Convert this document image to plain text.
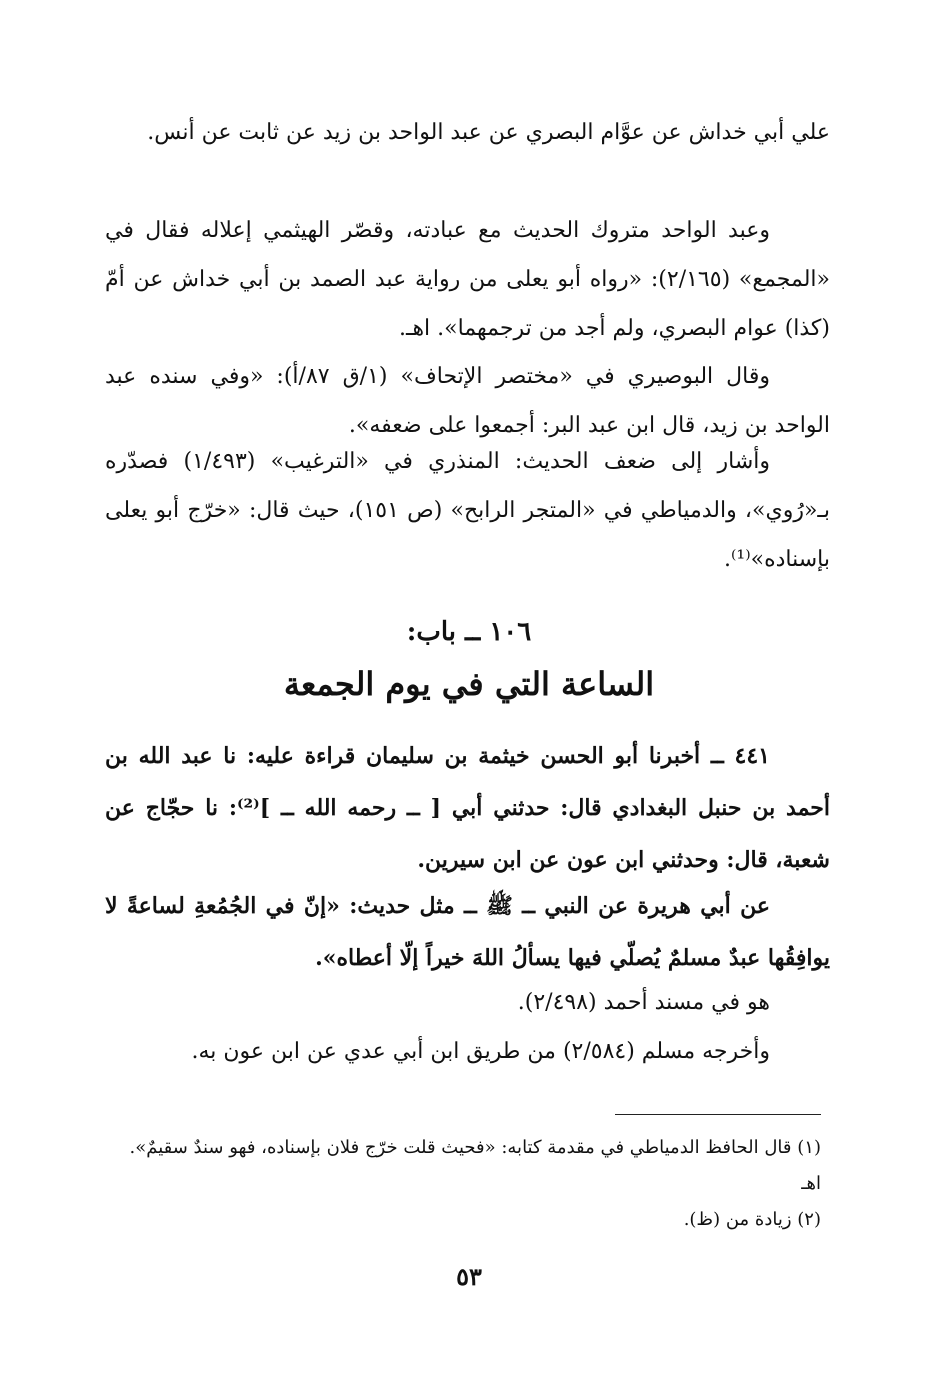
علي أبي خداش عن عوَّام البصري عن عبد الواحد بن زيد عن ثابت عن أنس.

وعبد الواحد متروك الحديث مع عبادته، وقصّر الهيثمي إعلاله فقال في «المجمع» (٢/١٦٥): «رواه أبو يعلى من رواية عبد الصمد بن أبي خداش عن أمّ (كذا) عوام البصري، ولم أجد من ترجمهما». اهـ.

وقال البوصيري في «مختصر الإتحاف» (١/ق ٨٧/أ): «وفي سنده عبد الواحد بن زيد، قال ابن عبد البر: أجمعوا على ضعفه».

وأشار إلى ضعف الحديث: المنذري في «الترغيب» (١/٤٩٣) فصدّره بـ«رُوي»، والدمياطي في «المتجر الرابح» (ص ١٥١)، حيث قال: «خرّج أبو يعلى بإسناده»⁽¹⁾.

١٠٦ ــ باب:
الساعة التي في يوم الجمعة

٤٤١ ــ أخبرنا أبو الحسن خيثمة بن سليمان قراءة عليه: نا عبد الله بن أحمد بن حنبل البغدادي قال: حدثني أبي [ ــ رحمه الله ــ ]⁽²⁾: نا حجّاج عن شعبة، قال: وحدثني ابن عون عن ابن سيرين.

عن أبي هريرة عن النبي ــ ﷺ ــ مثل حديث: «إنّ في الجُمُعةِ لساعةً لا يوافِقُها عبدٌ مسلمٌ يُصلّي فيها يسألُ اللهَ خيراً إلّا أعطاه».

هو في مسند أحمد (٢/٤٩٨).
وأخرجه مسلم (٢/٥٨٤) من طريق ابن أبي عدي عن ابن عون به.

(١) قال الحافظ الدمياطي في مقدمة كتابه: «فحيث قلت خرّج فلان بإسناده، فهو سندٌ سقيمٌ». اهـ

(٢) زيادة من (ظ).

٥٣
